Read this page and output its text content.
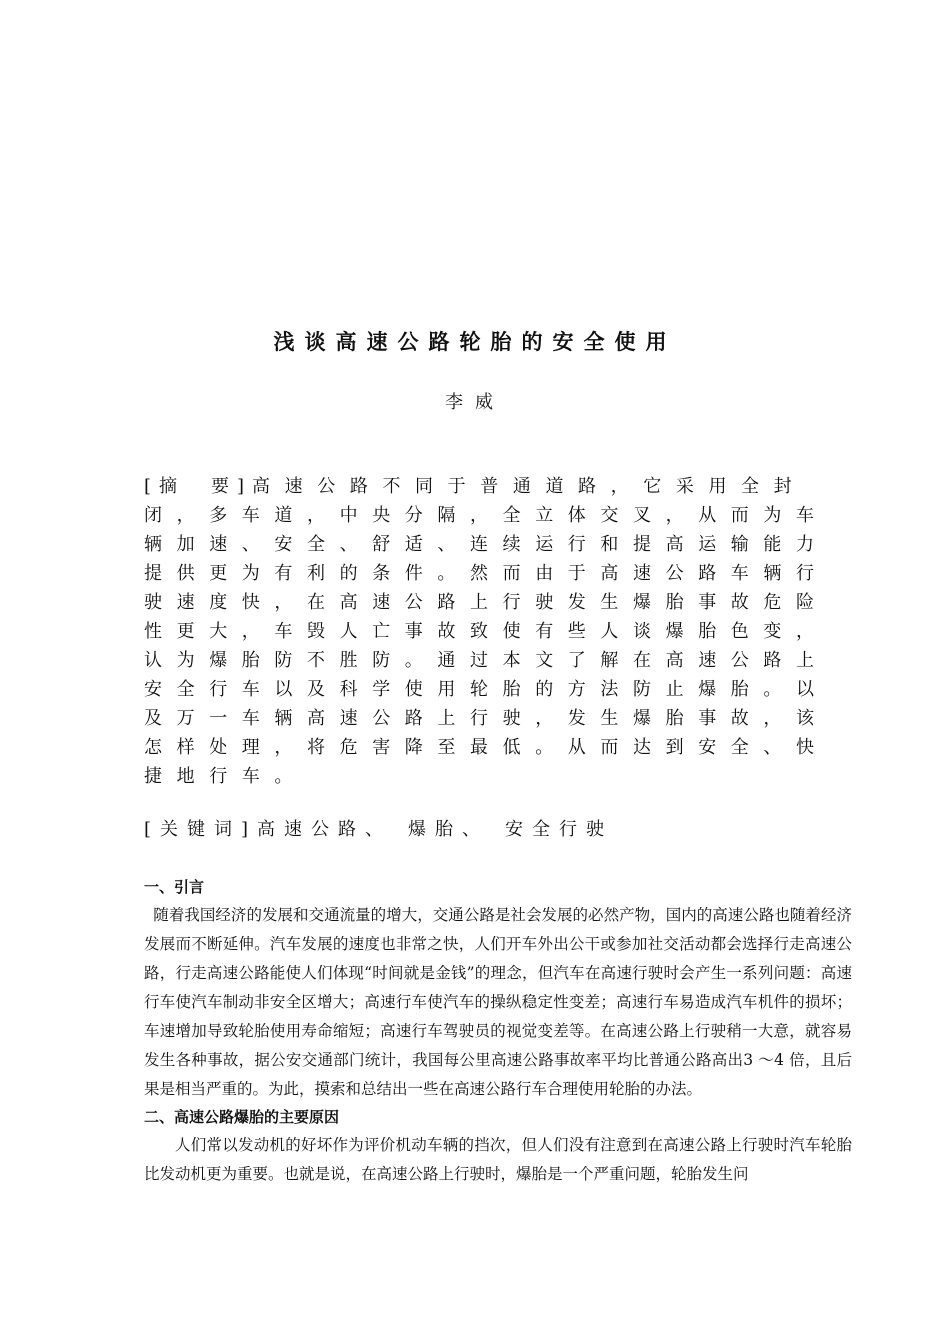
浅谈高速公路轮胎的安全使用
李威

[摘　要]高速公路不同于普通道路，它采用全封闭，多车道，中央分隔，全立体交叉，从而为车辆加速、安全、舒适、连续运行和提高运输能力提供更为有利的条件。然而由于高速公路车辆行驶速度快，在高速公路上行驶发生爆胎事故危险性更大，车毁人亡事故致使有些人谈爆胎色变，认为爆胎防不胜防。通过本文了解在高速公路上安全行车以及科学使用轮胎的方法防止爆胎。以及万一车辆高速公路上行驶，发生爆胎事故，该怎样处理，将危害降至最低。从而达到安全、快捷地行车。

[关键词]高速公路、 爆胎、 安全行驶

一、引言

随着我国经济的发展和交通流量的增大，交通公路是社会发展的必然产物，国内的高速公路也随着经济发展而不断延伸。汽车发展的速度也非常之快，人们开车外出公干或参加社交活动都会选择行走高速公路，行走高速公路能使人们体现“时间就是金钱”的理念，但汽车在高速行驶时会产生一系列问题：高速行车使汽车制动非安全区增大；高速行车使汽车的操纵稳定性变差；高速行车易造成汽车机件的损坏；车速增加导致轮胎使用寿命缩短；高速行车驾驶员的视觉变差等。在高速公路上行驶稍一大意，就容易发生各种事故，据公安交通部门统计，我国每公里高速公路事故率平均比普通公路高出3 ～4 倍，且后果是相当严重的。为此，摸索和总结出一些在高速公路行车合理使用轮胎的办法。

二、高速公路爆胎的主要原因

人们常以发动机的好坏作为评价机动车辆的挡次，但人们没有注意到在高速公路上行驶时汽车轮胎比发动机更为重要。也就是说，在高速公路上行驶时，爆胎是一个严重问题，轮胎发生问
